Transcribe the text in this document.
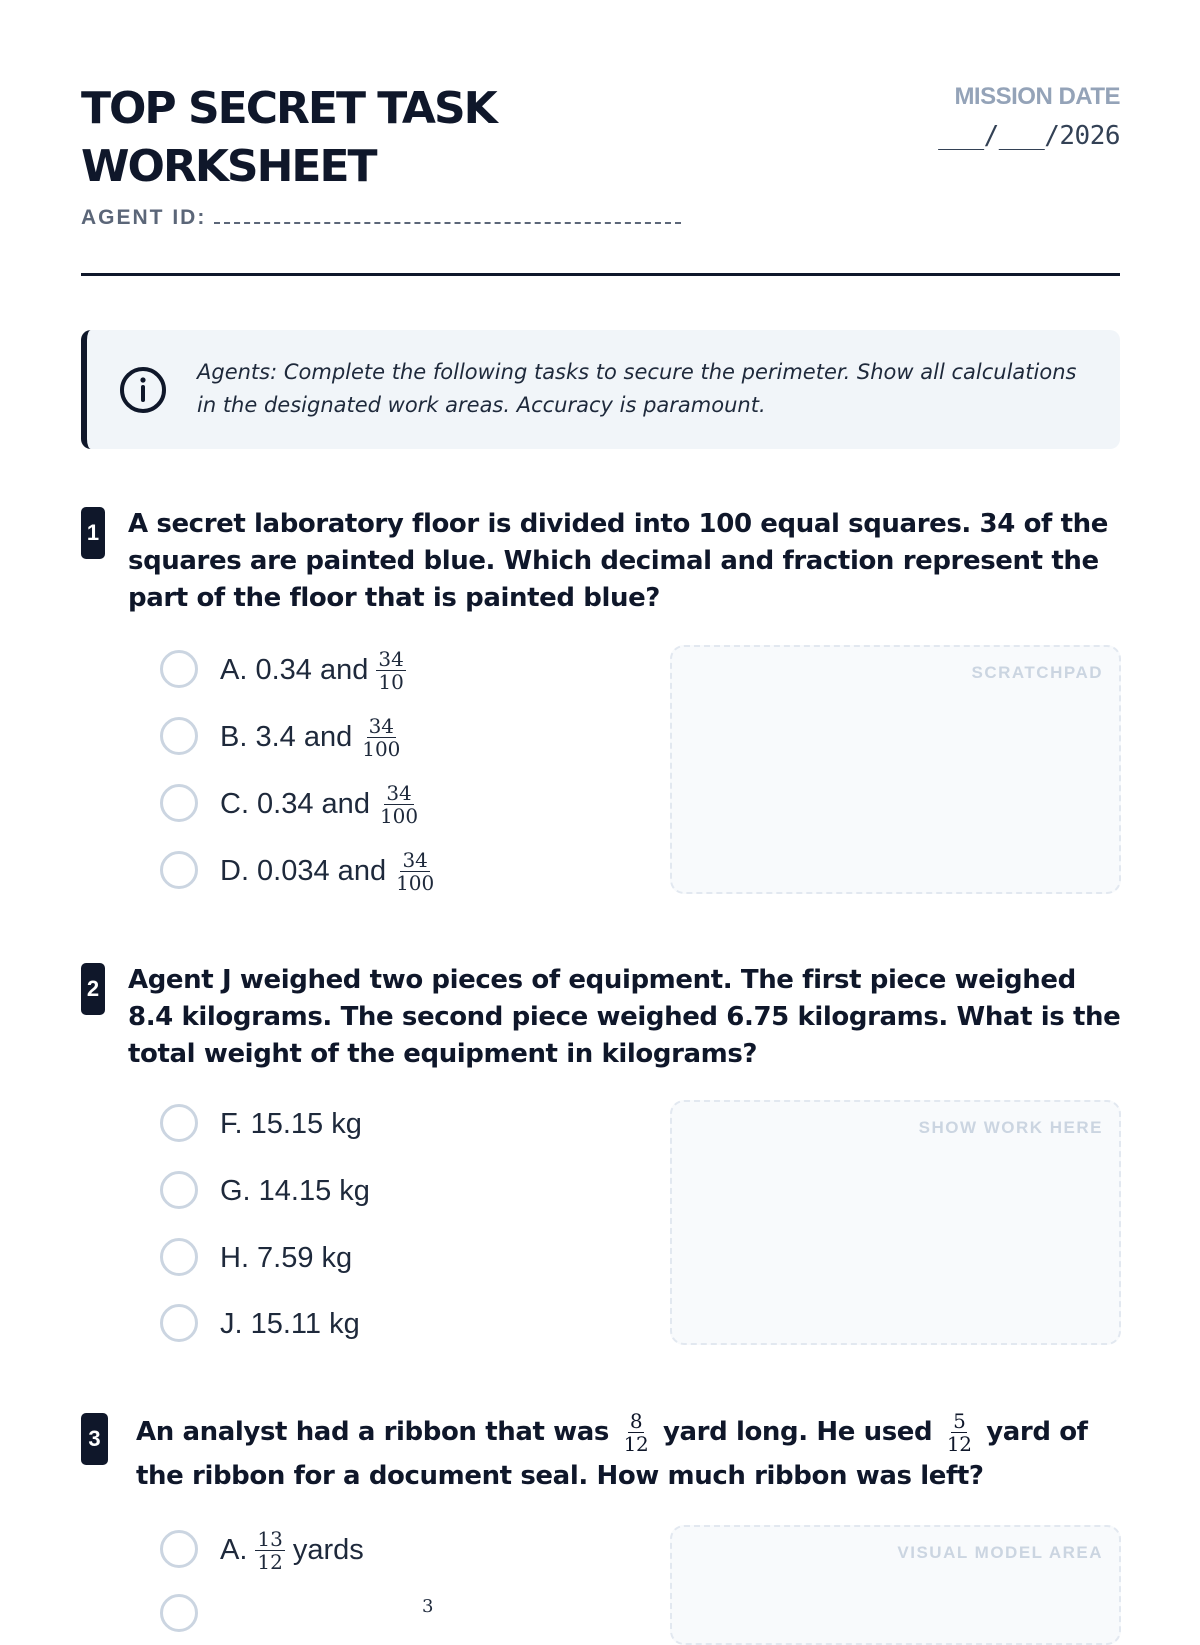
TOP SECRET TASK
WORKSHEET
AGENT ID:
MISSION DATE
___/___/2026
Agents: Complete the following tasks to secure the perimeter. Show all calculations in the designated work areas. Accuracy is paramount.
1 A secret laboratory floor is divided into 100 equal squares. 34 of the squares are painted blue. Which decimal and fraction represent the part of the floor that is painted blue?

A. 0.34 and $\frac{34}{10}$
B. 3.4 and $\frac{34}{100}$
C. 0.34 and $\frac{34}{100}$
D. 0.034 and $\frac{34}{100}$
SCRATCHPAD
2 Agent J weighed two pieces of equipment. The first piece weighed 8.4 kilograms. The second piece weighed 6.75 kilograms. What is the total weight of the equipment in kilograms?

F. 15.15 kg
G. 14.15 kg
H. 7.59 kg
J. 15.11 kg
SHOW WORK HERE
3 An analyst had a ribbon that was $\frac{8}{12}$ yard long. He used $\frac{5}{12}$ yard of the ribbon for a document seal. How much ribbon was left?

A. $\frac{13}{12}$ yards
3
VISUAL MODEL AREA
